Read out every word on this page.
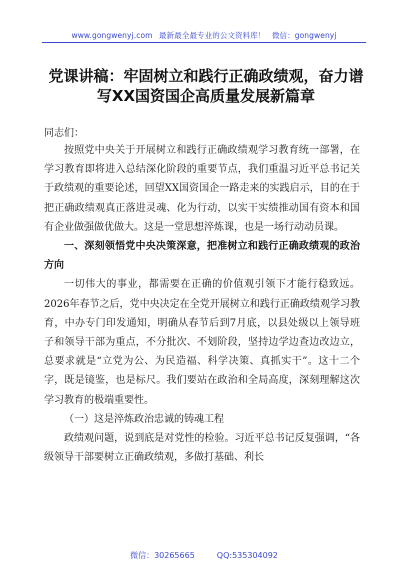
www.gongwenyj.com 最新最全最专业的公文资料库！ 微信：gongwenyj
党课讲稿：牢固树立和践行正确政绩观，奋力谱写XX国资国企高质量发展新篇章
同志们：

按照党中央关于开展树立和践行正确政绩观学习教育统一部署，在学习教育即将进入总结深化阶段的重要节点，我们重温习近平总书记关于政绩观的重要论述，回望XX国资国企一路走来的实践启示，目的在于把正确政绩观真正落进灵魂、化为行动，以实干实绩推动国有资本和国有企业做强做优做大。这是一堂思想淬炼课，也是一场行动动员课。

一、深刻领悟党中央决策深意，把准树立和践行正确政绩观的政治方向

一切伟大的事业，都需要在正确的价值观引领下才能行稳致远。2026年春节之后，党中央决定在全党开展树立和践行正确政绩观学习教育，中办专门印发通知，明确从春节后到7月底，以县处级以上领导班子和领导干部为重点，不分批次、不划阶段，坚持边学边查边改边立，总要求就是“立党为公、为民造福、科学决策、真抓实干”。这十二个字，既是镜鉴，也是标尺。我们要站在政治和全局高度，深刻理解这次学习教育的极端重要性。

（一）这是淬炼政治忠诚的铸魂工程

政绩观问题，说到底是对党性的检验。习近平总书记反复强调，“各级领导干部要树立正确政绩观，多做打基础、利长

微信：30265665	QQ:535304092
